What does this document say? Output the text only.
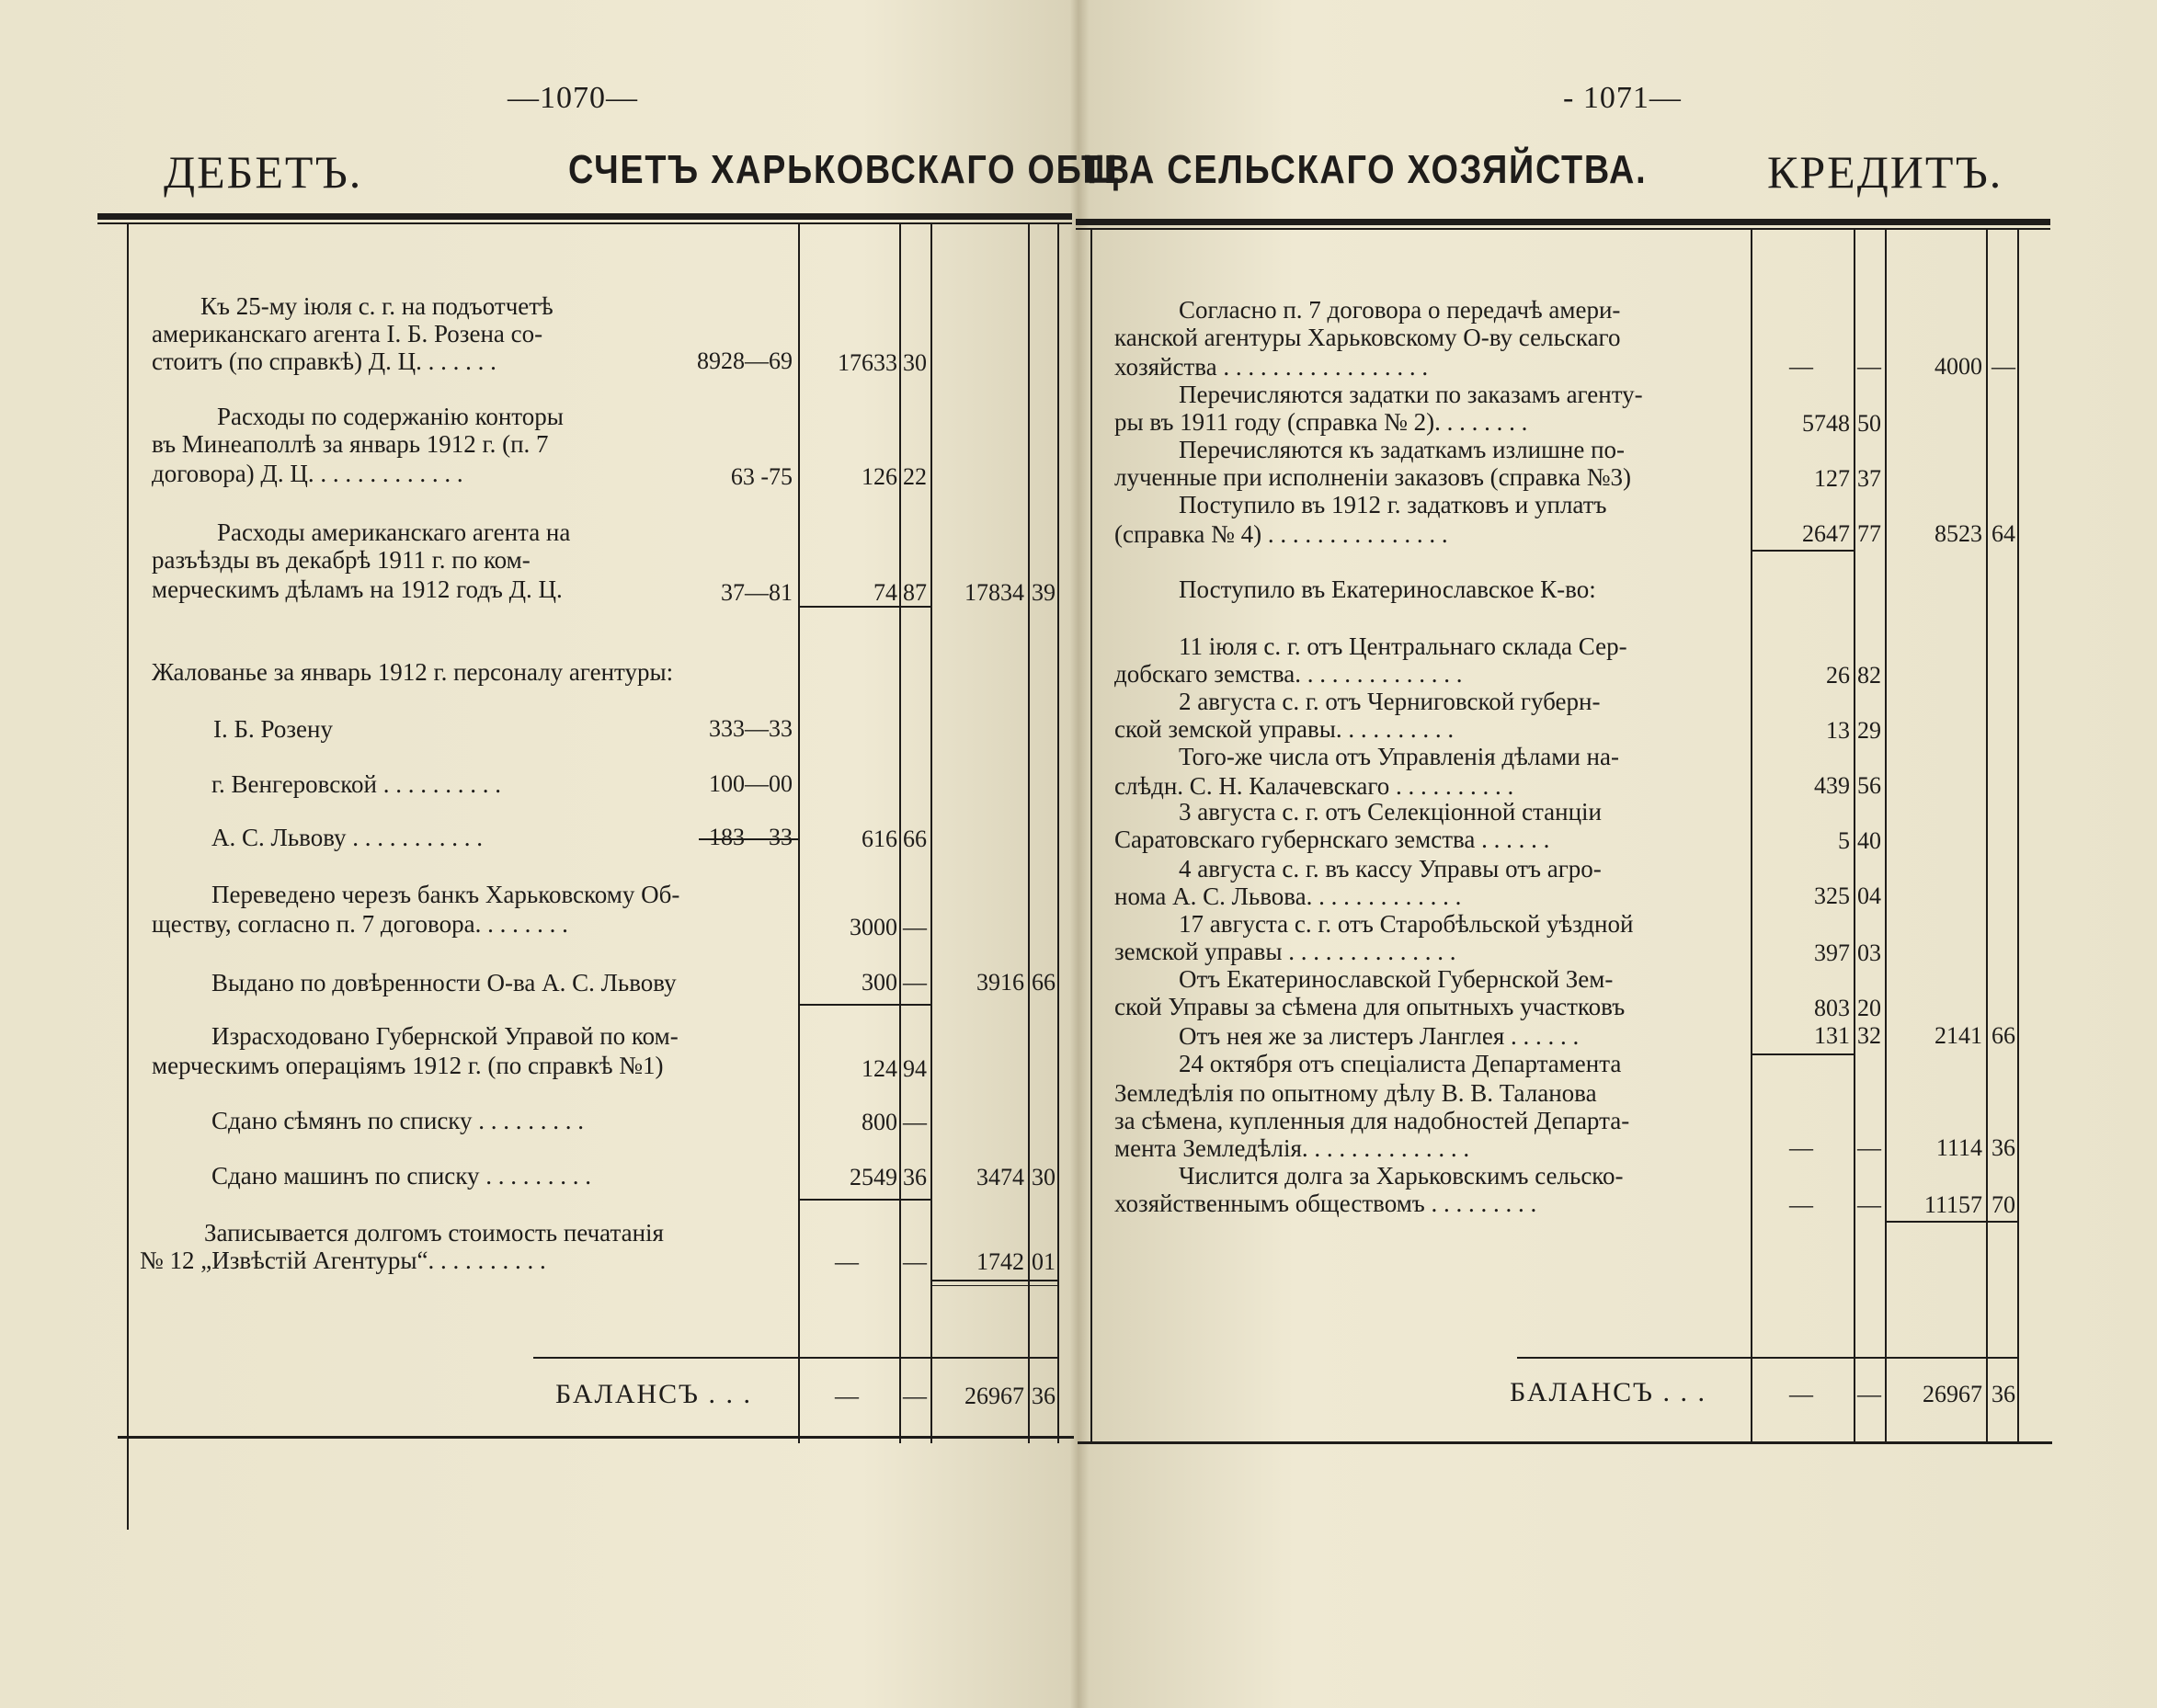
—1070—	- 1071—
ДЕБЕТЪ.	КРЕДИТЪ.
СЧЕТЪ ХАРЬКОВСКАГО ОБЩ
ТВА СЕЛЬСКАГО ХОЗЯЙСТВА.
Къ 25-му іюля с. г. на подъотчетѣ
американскаго агента І. Б. Розена со-
стоитъ (по справкѣ) Д. Ц. . . . . . .	8928—69	17633 30
Расходы по содержанію конторы
въ Минеаполлѣ за январь 1912 г. (п. 7
договора) Д. Ц. . . . . . . . . . . . .	63 -75	126 22
Расходы американскаго агента на
разъѣзды въ декабрѣ 1911 г. по ком-
мерческимъ дѣламъ на 1912 годъ Д. Ц.	37—81	74 87	17834 39
Жалованье за январь 1912 г. персоналу агентуры:
І. Б. Розену	333—33
г. Венгеровской . . . . . . . . . .	100—00
А. С. Львову . . . . . . . . . . .	183—33	616 66
Переведено черезъ банкъ Харьковскому Об-
ществу, согласно п. 7 договора. . . . . . . .	3000 —
Выдано по довѣренности О-ва А. С. Львову	300 —	3916 66
Израсходовано Губернской Управой по ком-
мерческимъ операціямъ 1912 г. (по справкѣ №1)	124 94
Сдано сѣмянъ по списку . . . . . . . . .	800 —
Сдано машинъ по списку . . . . . . . . .	2549 36	3474 30
Записывается долгомъ стоимость печатанія
№ 12 „Извѣстій Агентуры“. . . . . . . . . .	— —	1742 01
БАЛАНСЪ . . .	— —	26967 36
Согласно п. 7 договора о передачѣ амери-
канской агентуры Харьковскому О-ву сельскаго
хозяйства . . . . . . . . . . . . . . . . .	— —	4000 —
Перечисляются задатки по заказамъ агенту-
ры въ 1911 году (справка № 2). . . . . . . .	5748 50
Перечисляются къ задаткамъ излишне по-
лученные при исполненіи заказовъ (справка №3)	127 37
Поступило въ 1912 г. задатковъ и уплатъ
(справка № 4) . . . . . . . . . . . . . . .	2647 77	8523 64
Поступило въ Екатеринославское К-во:
11 іюля с. г. отъ Центральнаго склада Сер-
добскаго земства. . . . . . . . . . . . . .	26 82
2 августа с. г. отъ Черниговской губерн-
ской земской управы. . . . . . . . . .	13 29
Того-же числа отъ Управленія дѣлами на-
слѣдн. С. Н. Калачевскаго . . . . . . . . . .	439 56
3 августа с. г. отъ Селекціонной станціи
Саратовскаго губернскаго земства . . . . . .	5 40
4 августа с. г. въ кассу Управы отъ агро-
нома А. С. Львова. . . . . . . . . . . . .	325 04
17 августа с. г. отъ Старобѣльской уѣздной
земской управы . . . . . . . . . . . . . .	397 03
Отъ Екатеринославской Губернской Зем-
ской Управы за сѣмена для опытныхъ участковъ	803 20
Отъ нея же за листеръ Ланглея . . . . . .	131 32	2141 66
24 октября отъ спеціалиста Департамента
Земледѣлія по опытному дѣлу В. В. Таланова
за сѣмена, купленныя для надобностей Департа-
мента Земледѣлія. . . . . . . . . . . . . .	— —	1114 36
Числится долга за Харьковскимъ сельско-
хозяйственнымъ обществомъ . . . . . . . . .	— —	11157 70
БАЛАНСЪ . . .	— —	26967 36
